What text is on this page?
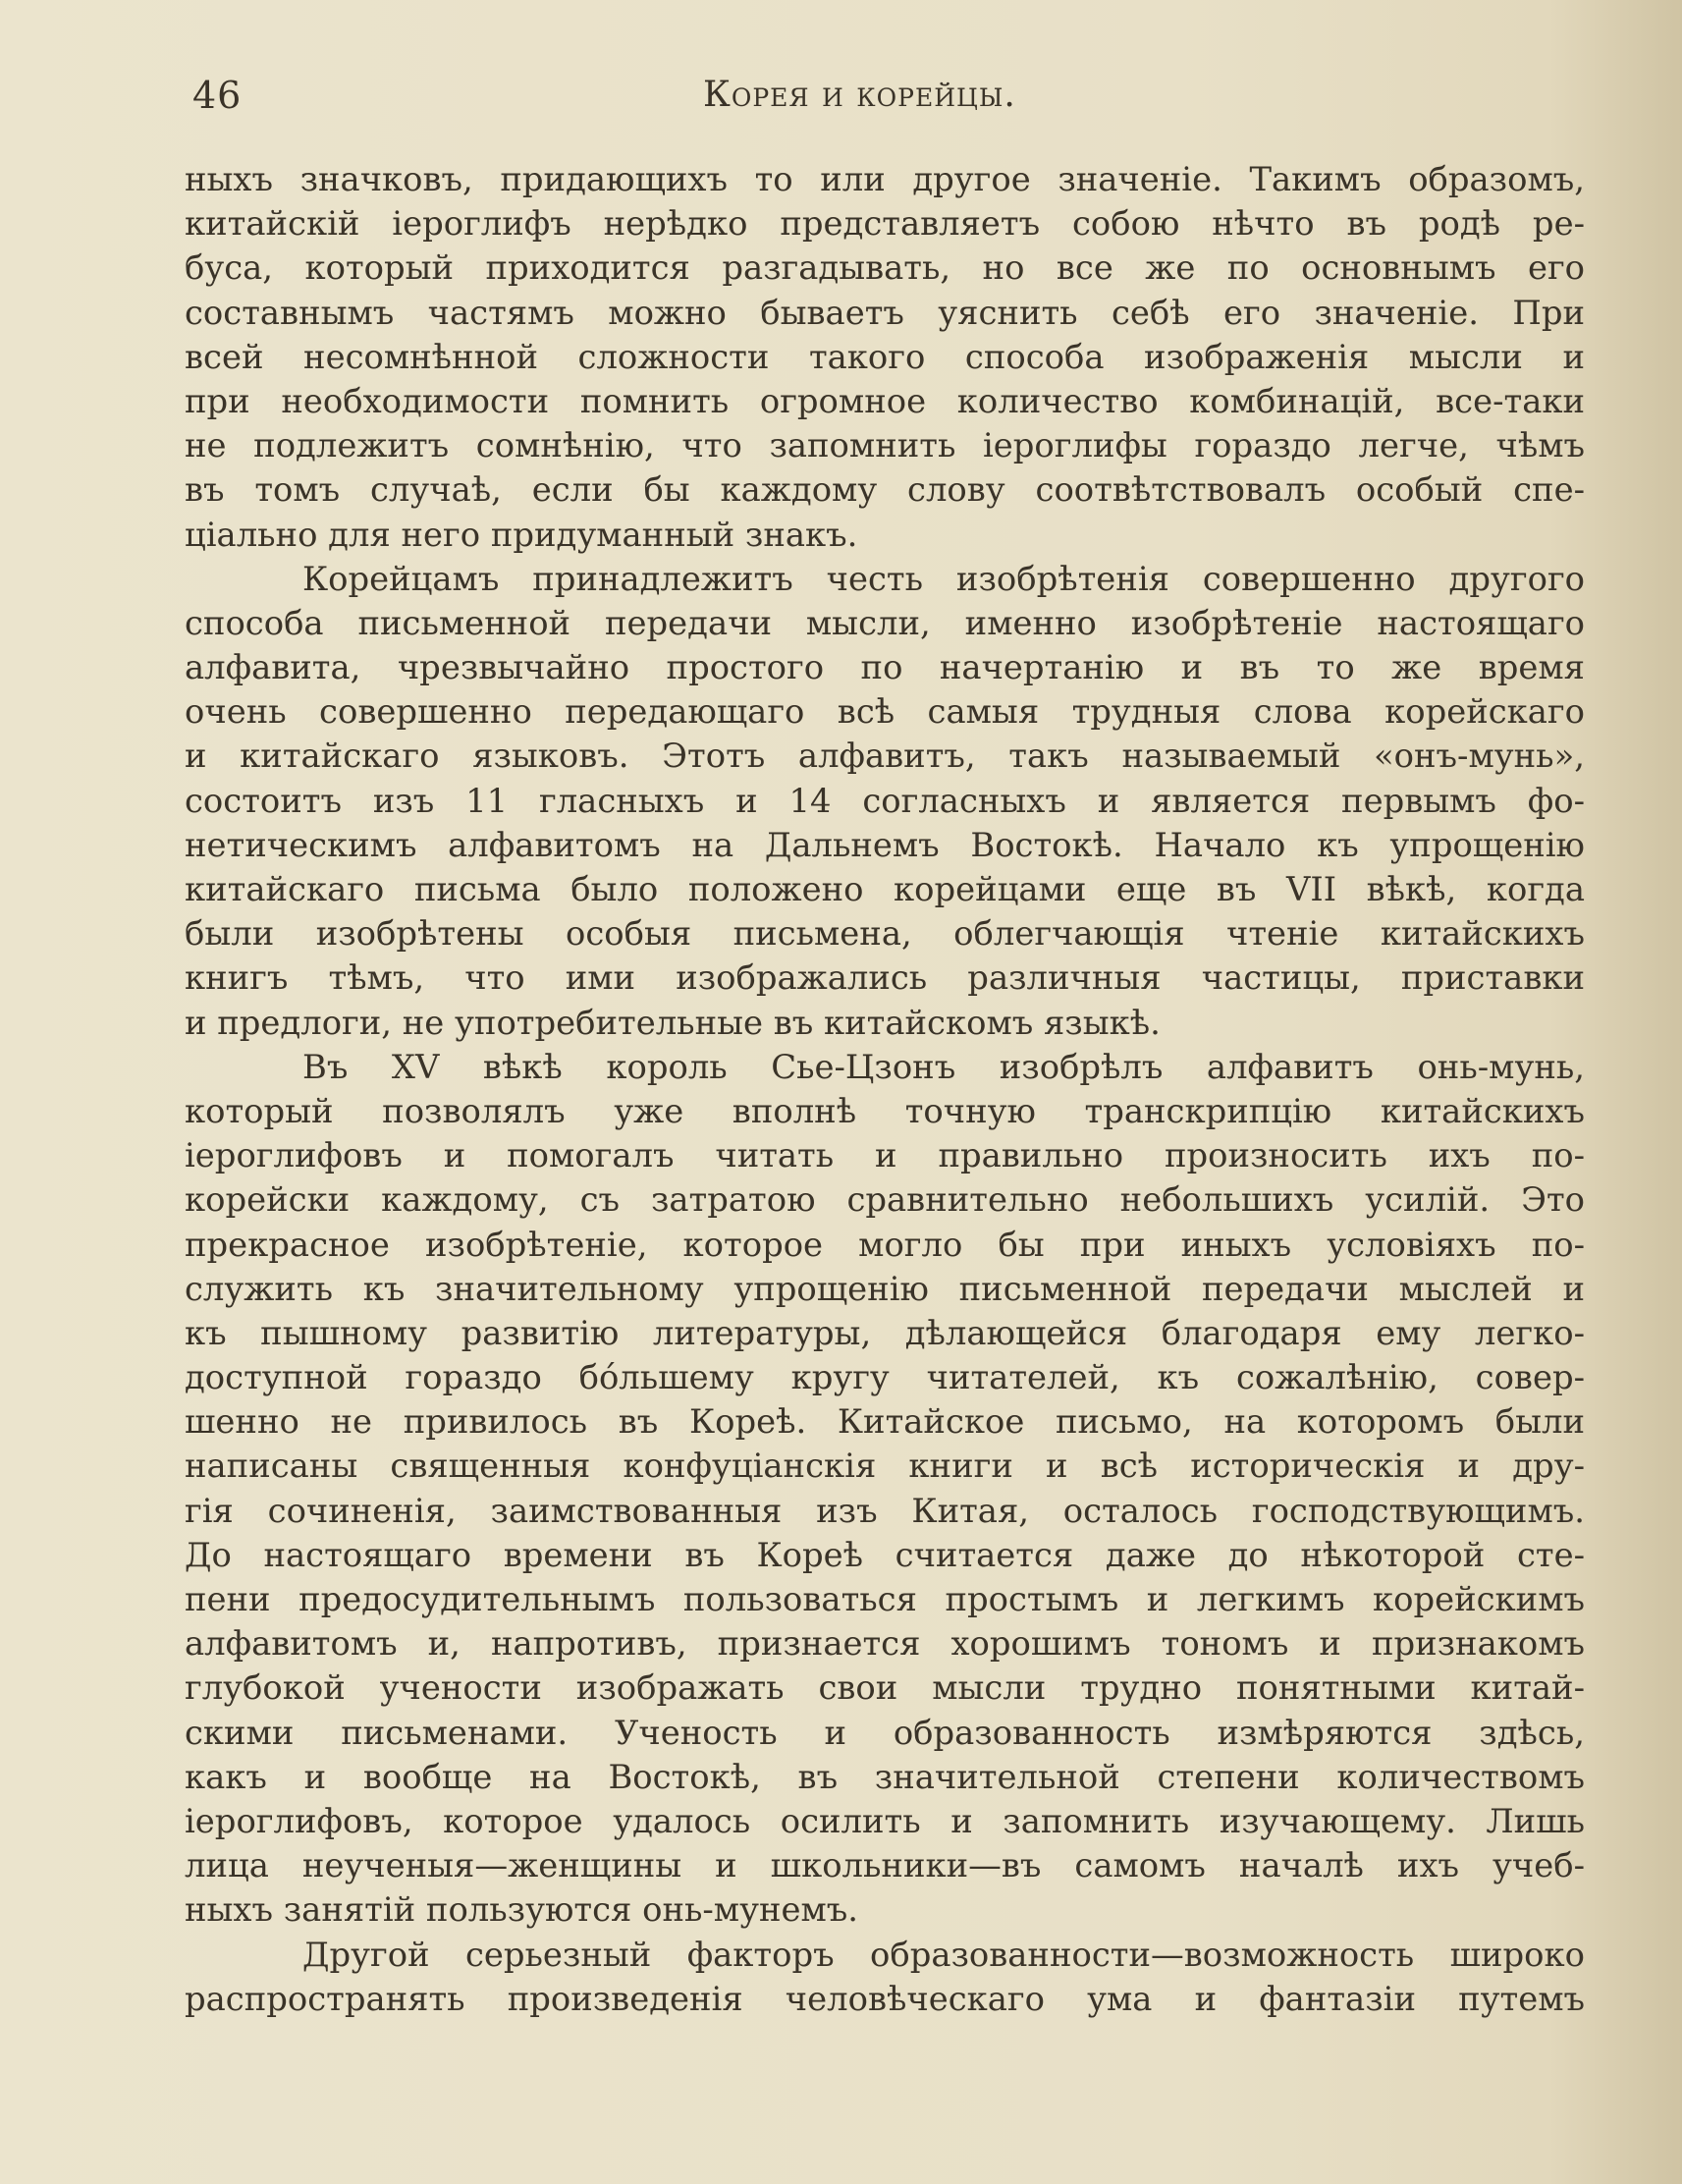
46	Корея и корейцы.
ныхъ значковъ, придающихъ то или другое значенiе. Такимъ образомъ,
китайскiй iероглифъ нерѣдко представляетъ собою нѣчто въ родѣ ре-
буса, который приходится разгадывать, но все же по основнымъ его
составнымъ частямъ можно бываетъ уяснить себѣ его значенiе. При
всей несомнѣнной сложности такого способа изображенiя мысли и
при необходимости помнить огромное количество комбинацiй, все-таки
не подлежитъ сомнѣнiю, что запомнить iероглифы гораздо легче, чѣмъ
въ томъ случаѣ, если бы каждому слову соотвѣтствовалъ особый спе-
цiально для него придуманный знакъ.
Корейцамъ принадлежитъ честь изобрѣтенiя совершенно другого
способа письменной передачи мысли, именно изобрѣтенiе настоящаго
алфавита, чрезвычайно простого по начертанiю и въ то же время
очень совершенно передающаго всѣ самыя трудныя слова корейскаго
и китайскаго языковъ. Этотъ алфавитъ, такъ называемый «онъ-мунь»,
состоитъ изъ 11 гласныхъ и 14 согласныхъ и является первымъ фо-
нетическимъ алфавитомъ на Дальнемъ Востокѣ. Начало къ упрощенiю
китайскаго письма было положено корейцами еще въ VII вѣкѣ, когда
были изобрѣтены особыя письмена, облегчающiя чтенiе китайскихъ
книгъ тѣмъ, что ими изображались различныя частицы, приставки
и предлоги, не употребительные въ китайскомъ языкѣ.
Въ XV вѣкѣ король Сье-Цзонъ изобрѣлъ алфавитъ онь-мунь,
который позволялъ уже вполнѣ точную транскрипцiю китайскихъ
iероглифовъ и помогалъ читать и правильно произносить ихъ по-
корейски каждому, съ затратою сравнительно небольшихъ усилiй. Это
прекрасное изобрѣтенiе, которое могло бы при иныхъ условiяхъ по-
служить къ значительному упрощенiю письменной передачи мыслей и
къ пышному развитiю литературы, дѣлающейся благодаря ему легко-
доступной гораздо бóльшему кругу читателей, къ сожалѣнiю, совер-
шенно не привилось въ Кореѣ. Китайское письмо, на которомъ были
написаны священныя конфуцiанскiя книги и всѣ историческiя и дру-
гiя сочиненiя, заимствованныя изъ Китая, осталось господствующимъ.
До настоящаго времени въ Кореѣ считается даже до нѣкоторой сте-
пени предосудительнымъ пользоваться простымъ и легкимъ корейскимъ
алфавитомъ и, напротивъ, признается хорошимъ тономъ и признакомъ
глубокой учености изображать свои мысли трудно понятными китай-
скими письменами. Ученость и образованность измѣряются здѣсь,
какъ и вообще на Востокѣ, въ значительной степени количествомъ
iероглифовъ, которое удалось осилить и запомнить изучающему. Лишь
лица неученыя—женщины и школьники—въ самомъ началѣ ихъ учеб-
ныхъ занятiй пользуются онь-мунемъ.
Другой серьезный факторъ образованности—возможность широко
распространять произведенiя человѣческаго ума и фантазiи путемъ
